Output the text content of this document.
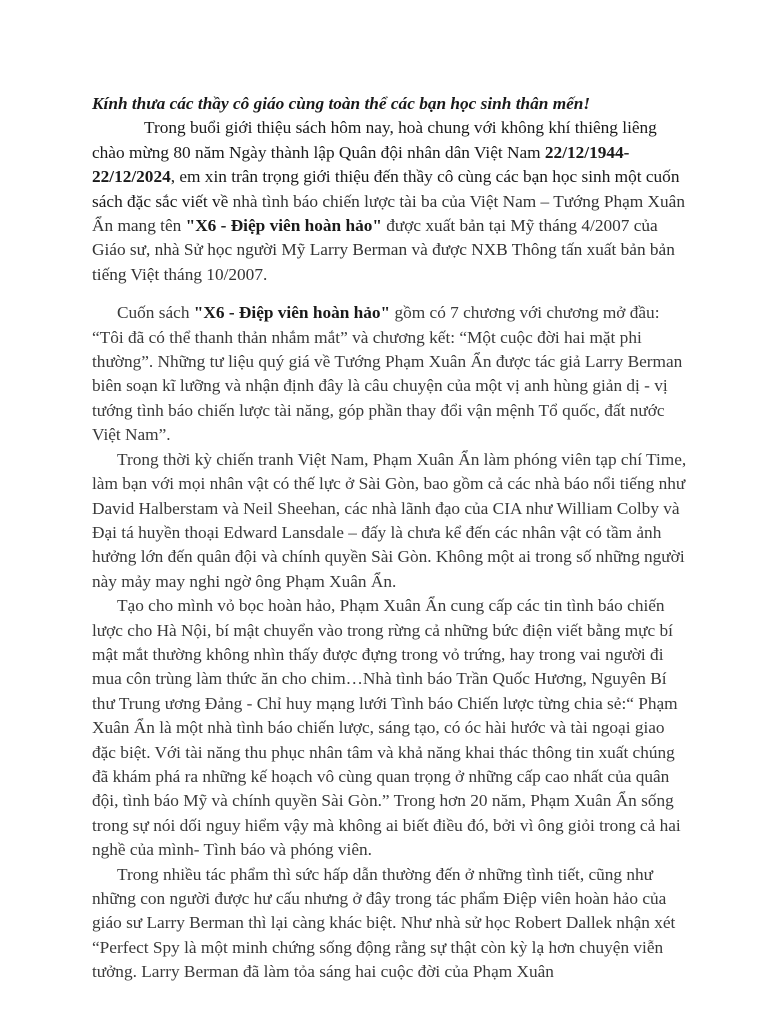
Kính thưa các thầy cô giáo cùng toàn thể các bạn học sinh thân mến!

Trong buổi giới thiệu sách hôm nay, hoà chung với không khí thiêng liêng chào mừng 80 năm Ngày thành lập Quân đội nhân dân Việt Nam 22/12/1944-22/12/2024, em xin trân trọng giới thiệu đến thầy cô cùng các bạn học sinh một cuốn sách đặc sắc viết về nhà tình báo chiến lược tài ba của Việt Nam – Tướng Phạm Xuân Ẩn mang tên "X6 - Điệp viên hoàn hảo" được xuất bản tại Mỹ tháng 4/2007 của Giáo sư, nhà Sử học người Mỹ Larry Berman và được NXB Thông tấn xuất bản bản tiếng Việt tháng 10/2007.

Cuốn sách "X6 - Điệp viên hoàn hảo" gồm có 7 chương với chương mở đầu: “Tôi đã có thể thanh thản nhắm mắt” và chương kết: “Một cuộc đời hai mặt phi thường”. Những tư liệu quý giá về Tướng Phạm Xuân Ẩn được tác giả Larry Berman biên soạn kĩ lưỡng và nhận định đây là câu chuyện của một vị anh hùng giản dị - vị tướng tình báo chiến lược tài năng, góp phần thay đổi vận mệnh Tổ quốc, đất nước Việt Nam”.

Trong thời kỳ chiến tranh Việt Nam, Phạm Xuân Ẩn làm phóng viên tạp chí Time, làm bạn với mọi nhân vật có thế lực ở Sài Gòn, bao gồm cả các nhà báo nổi tiếng như David Halberstam và Neil Sheehan, các nhà lãnh đạo của CIA như William Colby và Đại tá huyền thoại Edward Lansdale – đấy là chưa kể đến các nhân vật có tầm ảnh hưởng lớn đến quân đội và chính quyền Sài Gòn. Không một ai trong số những người này mảy may nghi ngờ ông Phạm Xuân Ẩn.

Tạo cho mình vỏ bọc hoàn hảo, Phạm Xuân Ẩn cung cấp các tin tình báo chiến lược cho Hà Nội, bí mật chuyển vào trong rừng cả những bức điện viết bằng mực bí mật mắt thường không nhìn thấy được đựng trong vỏ trứng, hay trong vai người đi mua côn trùng làm thức ăn cho chim…Nhà tình báo Trần Quốc Hương, Nguyên Bí thư Trung ương Đảng - Chỉ huy mạng lưới Tình báo Chiến lược từng chia sẻ:“ Phạm Xuân Ẩn là một nhà tình báo chiến lược, sáng tạo, có óc hài hước và tài ngoại giao đặc biệt. Với tài năng thu phục nhân tâm và khả năng khai thác thông tin xuất chúng đã khám phá ra những kế hoạch vô cùng quan trọng ở những cấp cao nhất của quân đội, tình báo Mỹ và chính quyền Sài Gòn.” Trong hơn 20 năm, Phạm Xuân Ẩn sống trong sự nói dối nguy hiểm vậy mà không ai biết điều đó, bởi vì ông giỏi trong cả hai nghề của mình- Tình báo và phóng viên.

Trong nhiều tác phẩm thì sức hấp dẫn thường đến ở những tình tiết, cũng như những con người được hư cấu nhưng ở đây trong tác phẩm Điệp viên hoàn hảo của giáo sư Larry Berman thì lại càng khác biệt. Như nhà sử học Robert Dallek nhận xét “Perfect Spy là một minh chứng sống động rằng sự thật còn kỳ lạ hơn chuyện viễn tưởng. Larry Berman đã làm tỏa sáng hai cuộc đời của Phạm Xuân
